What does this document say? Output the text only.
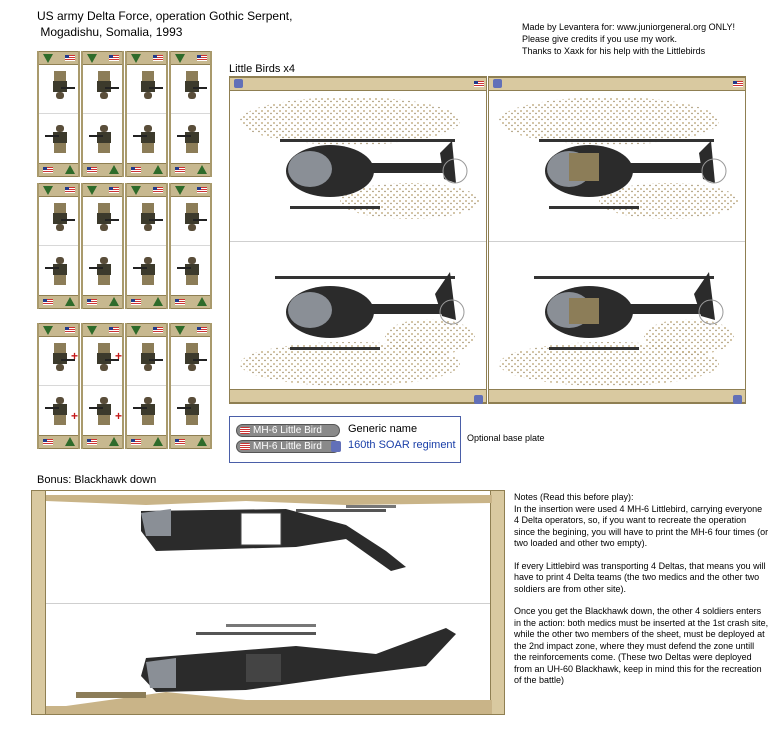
US army Delta Force, operation Gothic Serpent,
Mogadishu, Somalia, 1993	Made by Levantera for: www.juniorgeneral.org ONLY!
Please give credits if you use my work.
Thanks to Xaxk for his help with the Littlebirds
+
+
+
+
Little Birds x4
MH-6 Little Bird	Generic name
MH-6 Little Bird	160th SOAR regiment
Optional base plate
Bonus: Blackhawk down

Notes (Read this before play):

In the insertion were used 4 MH-6 Littlebird, carrying everyone 4 Delta operators, so, if you want to recreate the operation since the begining, you will have to print the MH-6 four times (or two loaded and other two empty).

If every Littlebird was transporting 4 Deltas, that means you will have to print 4 Delta teams (the two medics and the other two soldiers are from other site).

Once you get the Blackhawk down, the other 4 soldiers enters in the action: both medics must be inserted at the 1st crash site, while the other two members of the sheet, must be deployed at the 2nd impact zone, where they must defend the zone untill the reinforcements come. (These two Deltas were deployed from an UH-60 Blackhawk, keep in mind this for the recreation of the battle)
